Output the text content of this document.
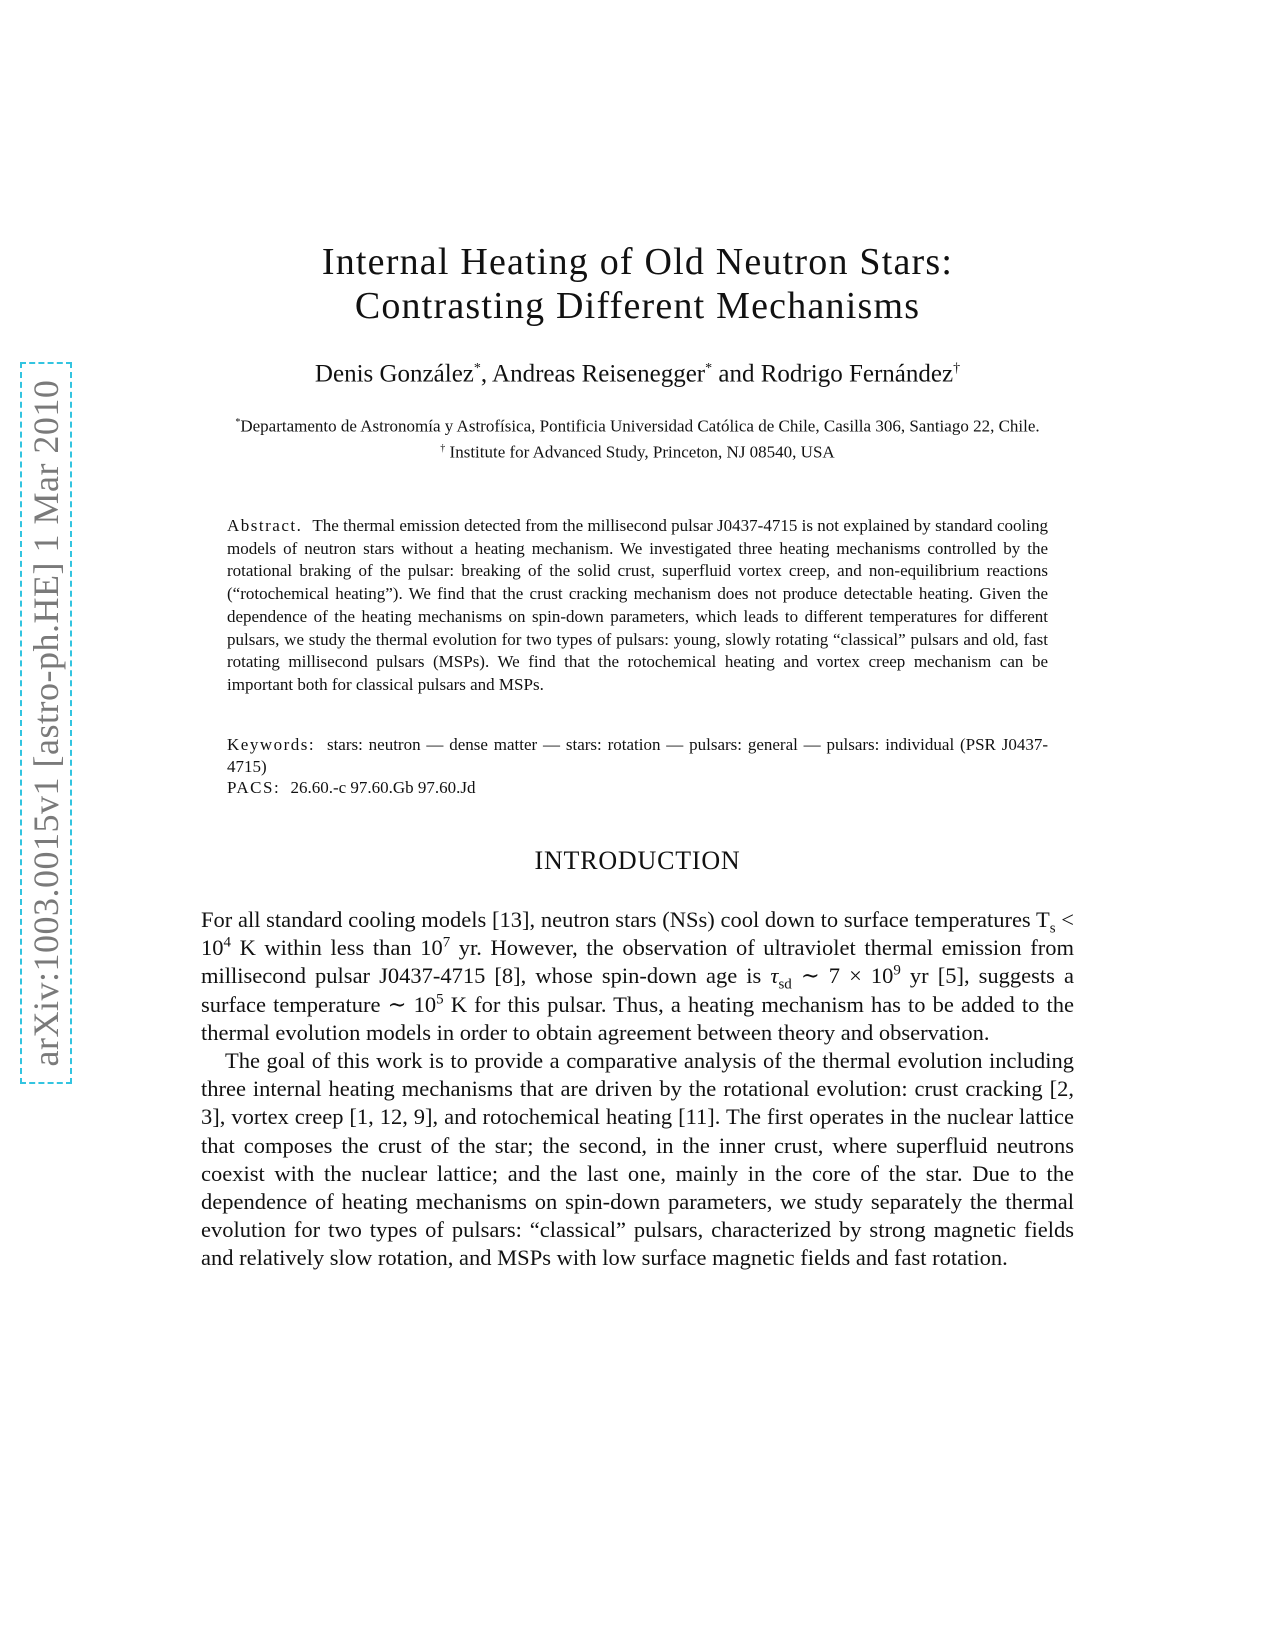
arXiv:1003.0015v1 [astro-ph.HE] 1 Mar 2010
Internal Heating of Old Neutron Stars:
Contrasting Different Mechanisms
Denis González*, Andreas Reisenegger* and Rodrigo Fernández†
*Departamento de Astronomía y Astrofísica, Pontificia Universidad Católica de Chile, Casilla 306, Santiago 22, Chile.
† Institute for Advanced Study, Princeton, NJ 08540, USA
Abstract. The thermal emission detected from the millisecond pulsar J0437-4715 is not explained by standard cooling models of neutron stars without a heating mechanism. We investigated three heating mechanisms controlled by the rotational braking of the pulsar: breaking of the solid crust, superfluid vortex creep, and non-equilibrium reactions (“rotochemical heating”). We find that the crust cracking mechanism does not produce detectable heating. Given the dependence of the heating mechanisms on spin-down parameters, which leads to different temperatures for different pulsars, we study the thermal evolution for two types of pulsars: young, slowly rotating “classical” pulsars and old, fast rotating millisecond pulsars (MSPs). We find that the rotochemical heating and vortex creep mechanism can be important both for classical pulsars and MSPs.
Keywords: stars: neutron — dense matter — stars: rotation — pulsars: general — pulsars: individual (PSR J0437-4715)
PACS: 26.60.-c 97.60.Gb 97.60.Jd
INTRODUCTION

For all standard cooling models [13], neutron stars (NSs) cool down to surface temperatures $T_s < 10^4$ K within less than $10^7$ yr. However, the observation of ultraviolet thermal emission from millisecond pulsar J0437-4715 [8], whose spin-down age is $\tau_{sd}$ ∼ $7 \times 10^9$ yr [5], suggests a surface temperature ∼ $10^5$ K for this pulsar. Thus, a heating mechanism has to be added to the thermal evolution models in order to obtain agreement between theory and observation.

The goal of this work is to provide a comparative analysis of the thermal evolution including three internal heating mechanisms that are driven by the rotational evolution: crust cracking [2, 3], vortex creep [1, 12, 9], and rotochemical heating [11]. The first operates in the nuclear lattice that composes the crust of the star; the second, in the inner crust, where superfluid neutrons coexist with the nuclear lattice; and the last one, mainly in the core of the star. Due to the dependence of heating mechanisms on spin-down parameters, we study separately the thermal evolution for two types of pulsars: “classical” pulsars, characterized by strong magnetic fields and relatively slow rotation, and MSPs with low surface magnetic fields and fast rotation.
